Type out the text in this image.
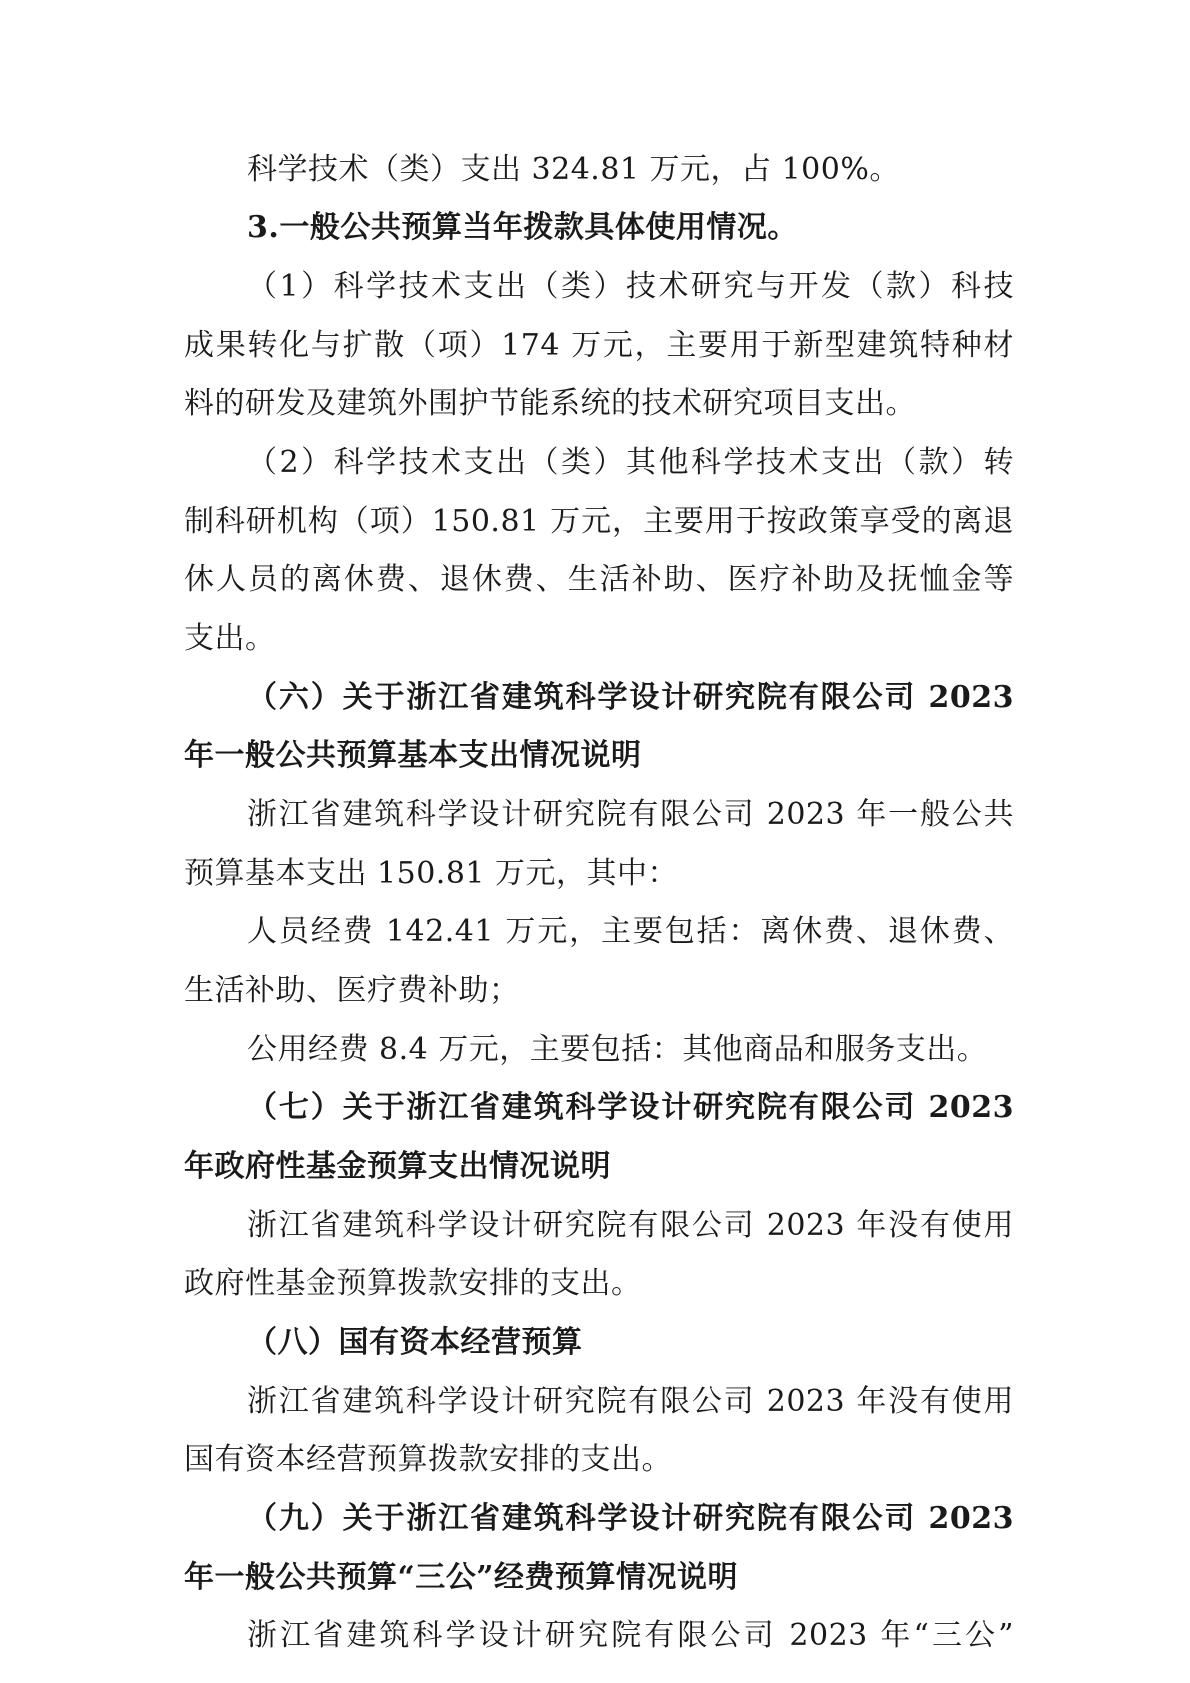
科学技术（类）支出 324.81 万元，占 100%。
3.一般公共预算当年拨款具体使用情况。
（1）科学技术支出（类）技术研究与开发（款）科技
成果转化与扩散（项）174 万元，主要用于新型建筑特种材
料的研发及建筑外围护节能系统的技术研究项目支出。
（2）科学技术支出（类）其他科学技术支出（款）转
制科研机构（项）150.81 万元，主要用于按政策享受的离退
休人员的离休费、退休费、生活补助、医疗补助及抚恤金等
支出。
（六）关于浙江省建筑科学设计研究院有限公司 2023
年一般公共预算基本支出情况说明
浙江省建筑科学设计研究院有限公司 2023 年一般公共
预算基本支出 150.81 万元，其中：
人员经费 142.41 万元，主要包括：离休费、退休费、
生活补助、医疗费补助；
公用经费 8.4 万元，主要包括：其他商品和服务支出。
（七）关于浙江省建筑科学设计研究院有限公司 2023
年政府性基金预算支出情况说明
浙江省建筑科学设计研究院有限公司 2023 年没有使用
政府性基金预算拨款安排的支出。
（八）国有资本经营预算
浙江省建筑科学设计研究院有限公司 2023 年没有使用
国有资本经营预算拨款安排的支出。
（九）关于浙江省建筑科学设计研究院有限公司 2023
年一般公共预算“三公”经费预算情况说明
浙江省建筑科学设计研究院有限公司 2023 年“三公”
